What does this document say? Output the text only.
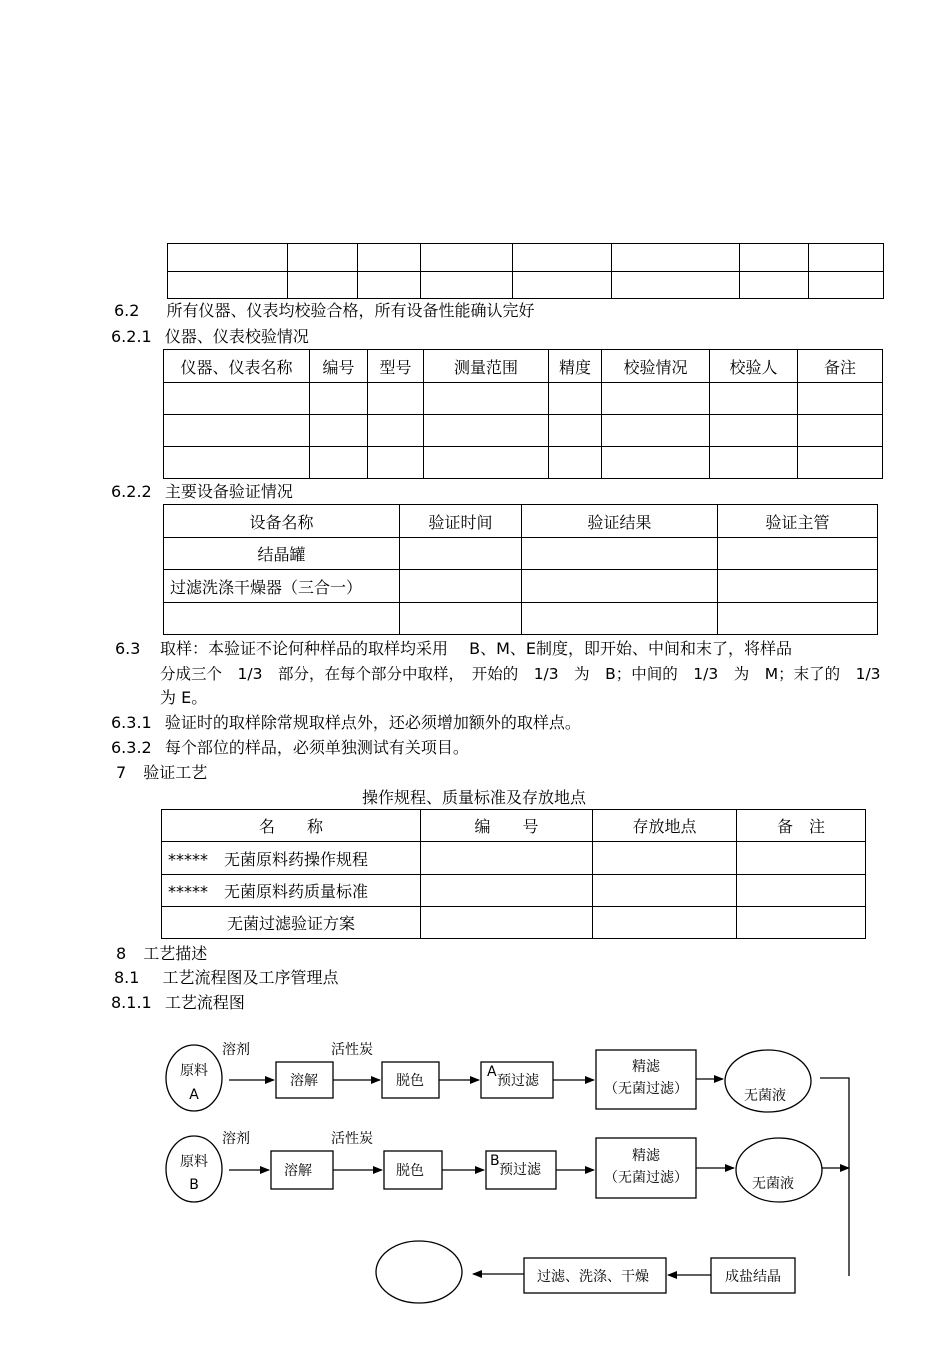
6.2 所有仪器、仪表均校验合格，所有设备性能确认完好
6.2.1 仪器、仪表校验情况
仪器、仪表名称	编号	型号	测量范围	精度	校验情况	校验人	备注

6.2.2 主要设备验证情况
设备名称	验证时间	验证结果	验证主管
结晶罐			
过滤洗涤干燥器（三合一）			

6.3 取样：本验证不论何种样品的取样均采用　 B、M、E制度，即开始、中间和末了，将样品
分成三个　1/3　部分，在每个部分中取样，　开始的　1/3　为　B；中间的　1/3　为　M；末了的　1/3
为 E。
6.3.1 验证时的取样除常规取样点外，还必须增加额外的取样点。
6.3.2 每个部位的样品，必须单独测试有关项目。
7 验证工艺
操作规程、质量标准及存放地点
名　　称	编　　号	存放地点	备　注
*****　无菌原料药操作规程			
*****　无菌原料药质量标准			
无菌过滤验证方案			
8 工艺描述
8.1 工艺流程图及工序管理点
8.1.1 工艺流程图
溶剂	活性炭
原料
A
溶解	脱色
A
预过滤
精滤
（无菌过滤）	无菌液
溶剂	活性炭
原料
B
溶解	脱色
B
预过滤
精滤
（无菌过滤）	无菌液
成盐结晶
过滤、洗涤、干燥
